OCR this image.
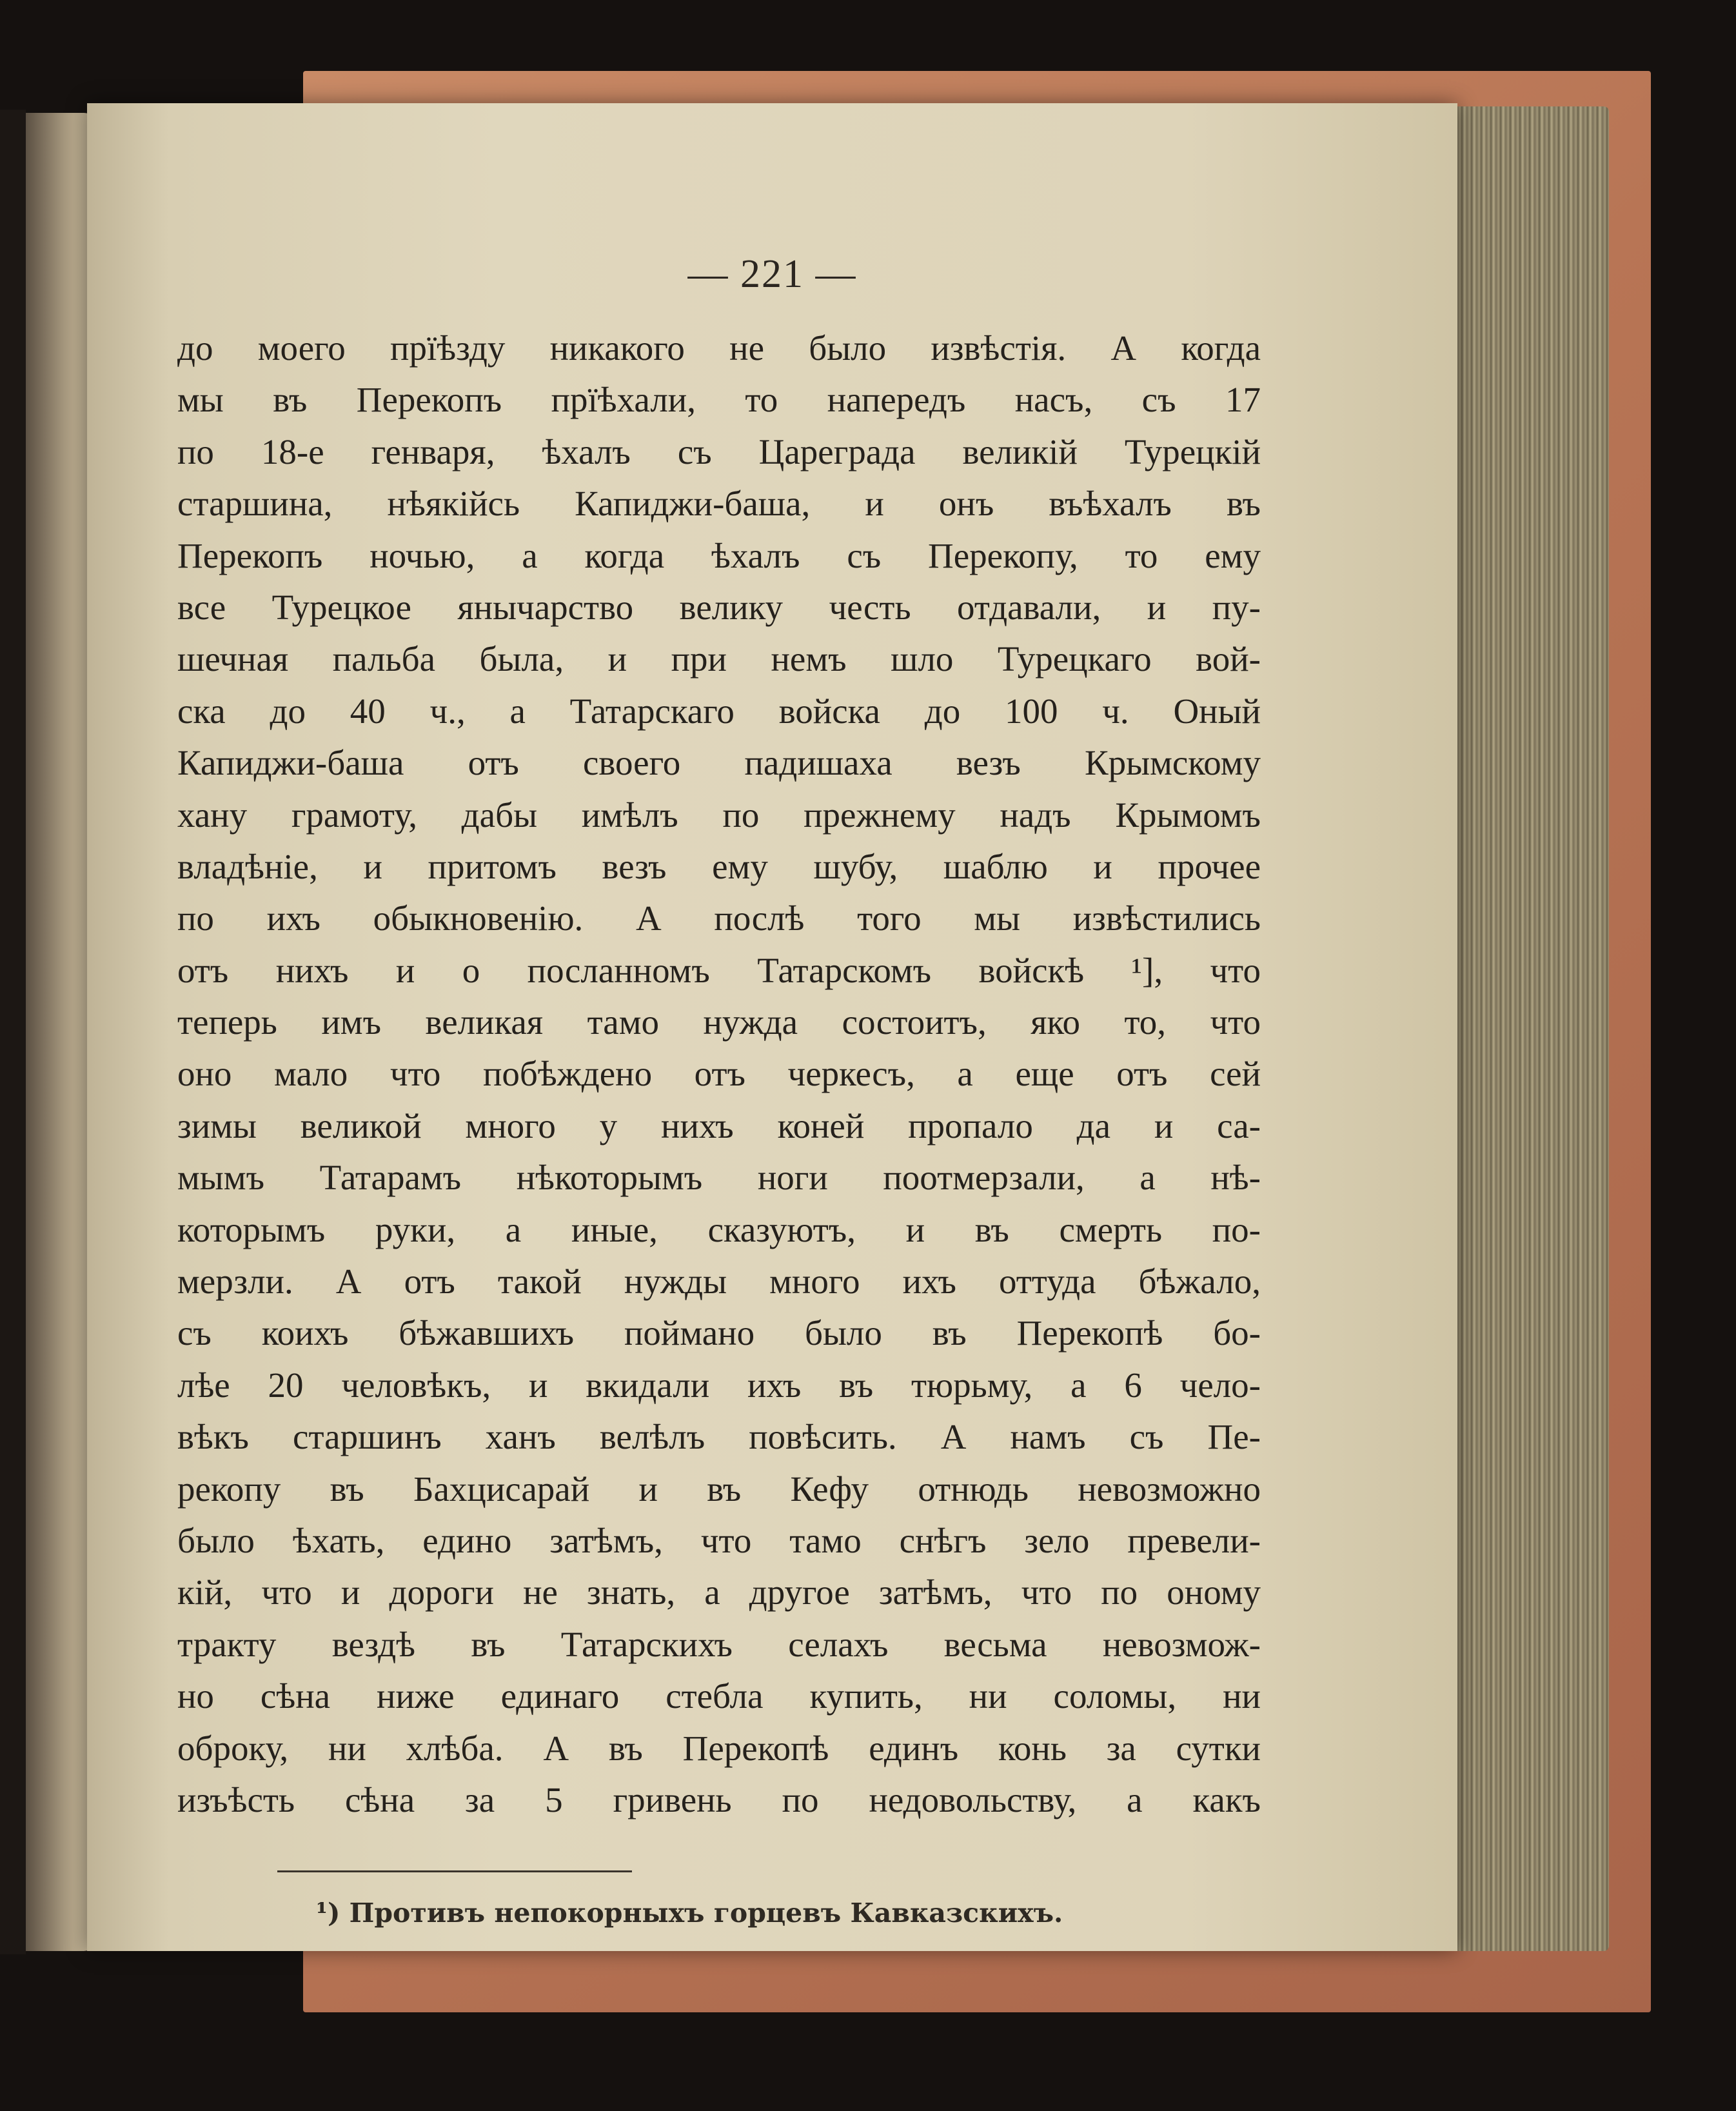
— 221 —
до моего прїѣзду никакого не было извѣстія. А когда
мы въ Перекопъ прїѣхали, то напередъ насъ, съ 17
по 18-е генваря, ѣхалъ съ Цареграда великій Турецкій
старшина, нѣякійсь Капиджи-баша, и онъ въѣхалъ въ
Перекопъ ночью, а когда ѣхалъ съ Перекопу, то ему
все Турецкое янычарство велику честь отдавали, и пу-
шечная пальба была, и при немъ шло Турецкаго вой-
ска до 40 ч., а Татарскаго войска до 100 ч. Оный
Капиджи-баша отъ своего падишаха везъ Крымскому
хану грамоту, дабы имѣлъ по прежнему надъ Крымомъ
владѣніе, и притомъ везъ ему шубу, шаблю и прочее
по ихъ обыкновенію. А послѣ того мы извѣстились
отъ нихъ и о посланномъ Татарскомъ войскѣ ¹], что
теперь имъ великая тамо нужда состоитъ, яко то, что
оно мало что побѣждено отъ черкесъ, а еще отъ сей
зимы великой много у нихъ коней пропало да и са-
мымъ Татарамъ нѣкоторымъ ноги поотмерзали, а нѣ-
которымъ руки, а иные, сказуютъ, и въ смерть по-
мерзли. А отъ такой нужды много ихъ оттуда бѣжало,
съ коихъ бѣжавшихъ поймано было въ Перекопѣ бо-
лѣе 20 человѣкъ, и вкидали ихъ въ тюрьму, а 6 чело-
вѣкъ старшинъ ханъ велѣлъ повѣсить. А намъ съ Пе-
рекопу въ Бахцисарай и въ Кефу отнюдь невозможно
было ѣхать, едино затѣмъ, что тамо снѣгъ зело превели-
кій, что и дороги не знать, а другое затѣмъ, что по оному
тракту вездѣ въ Татарскихъ селахъ весьма невозмож-
но сѣна ниже единаго стебла купить, ни соломы, ни
оброку, ни хлѣба. А въ Перекопѣ единъ конь за сутки
изъѣсть сѣна за 5 гривень по недовольству, а какъ
¹) Противъ непокорныхъ горцевъ Кавказскихъ.
